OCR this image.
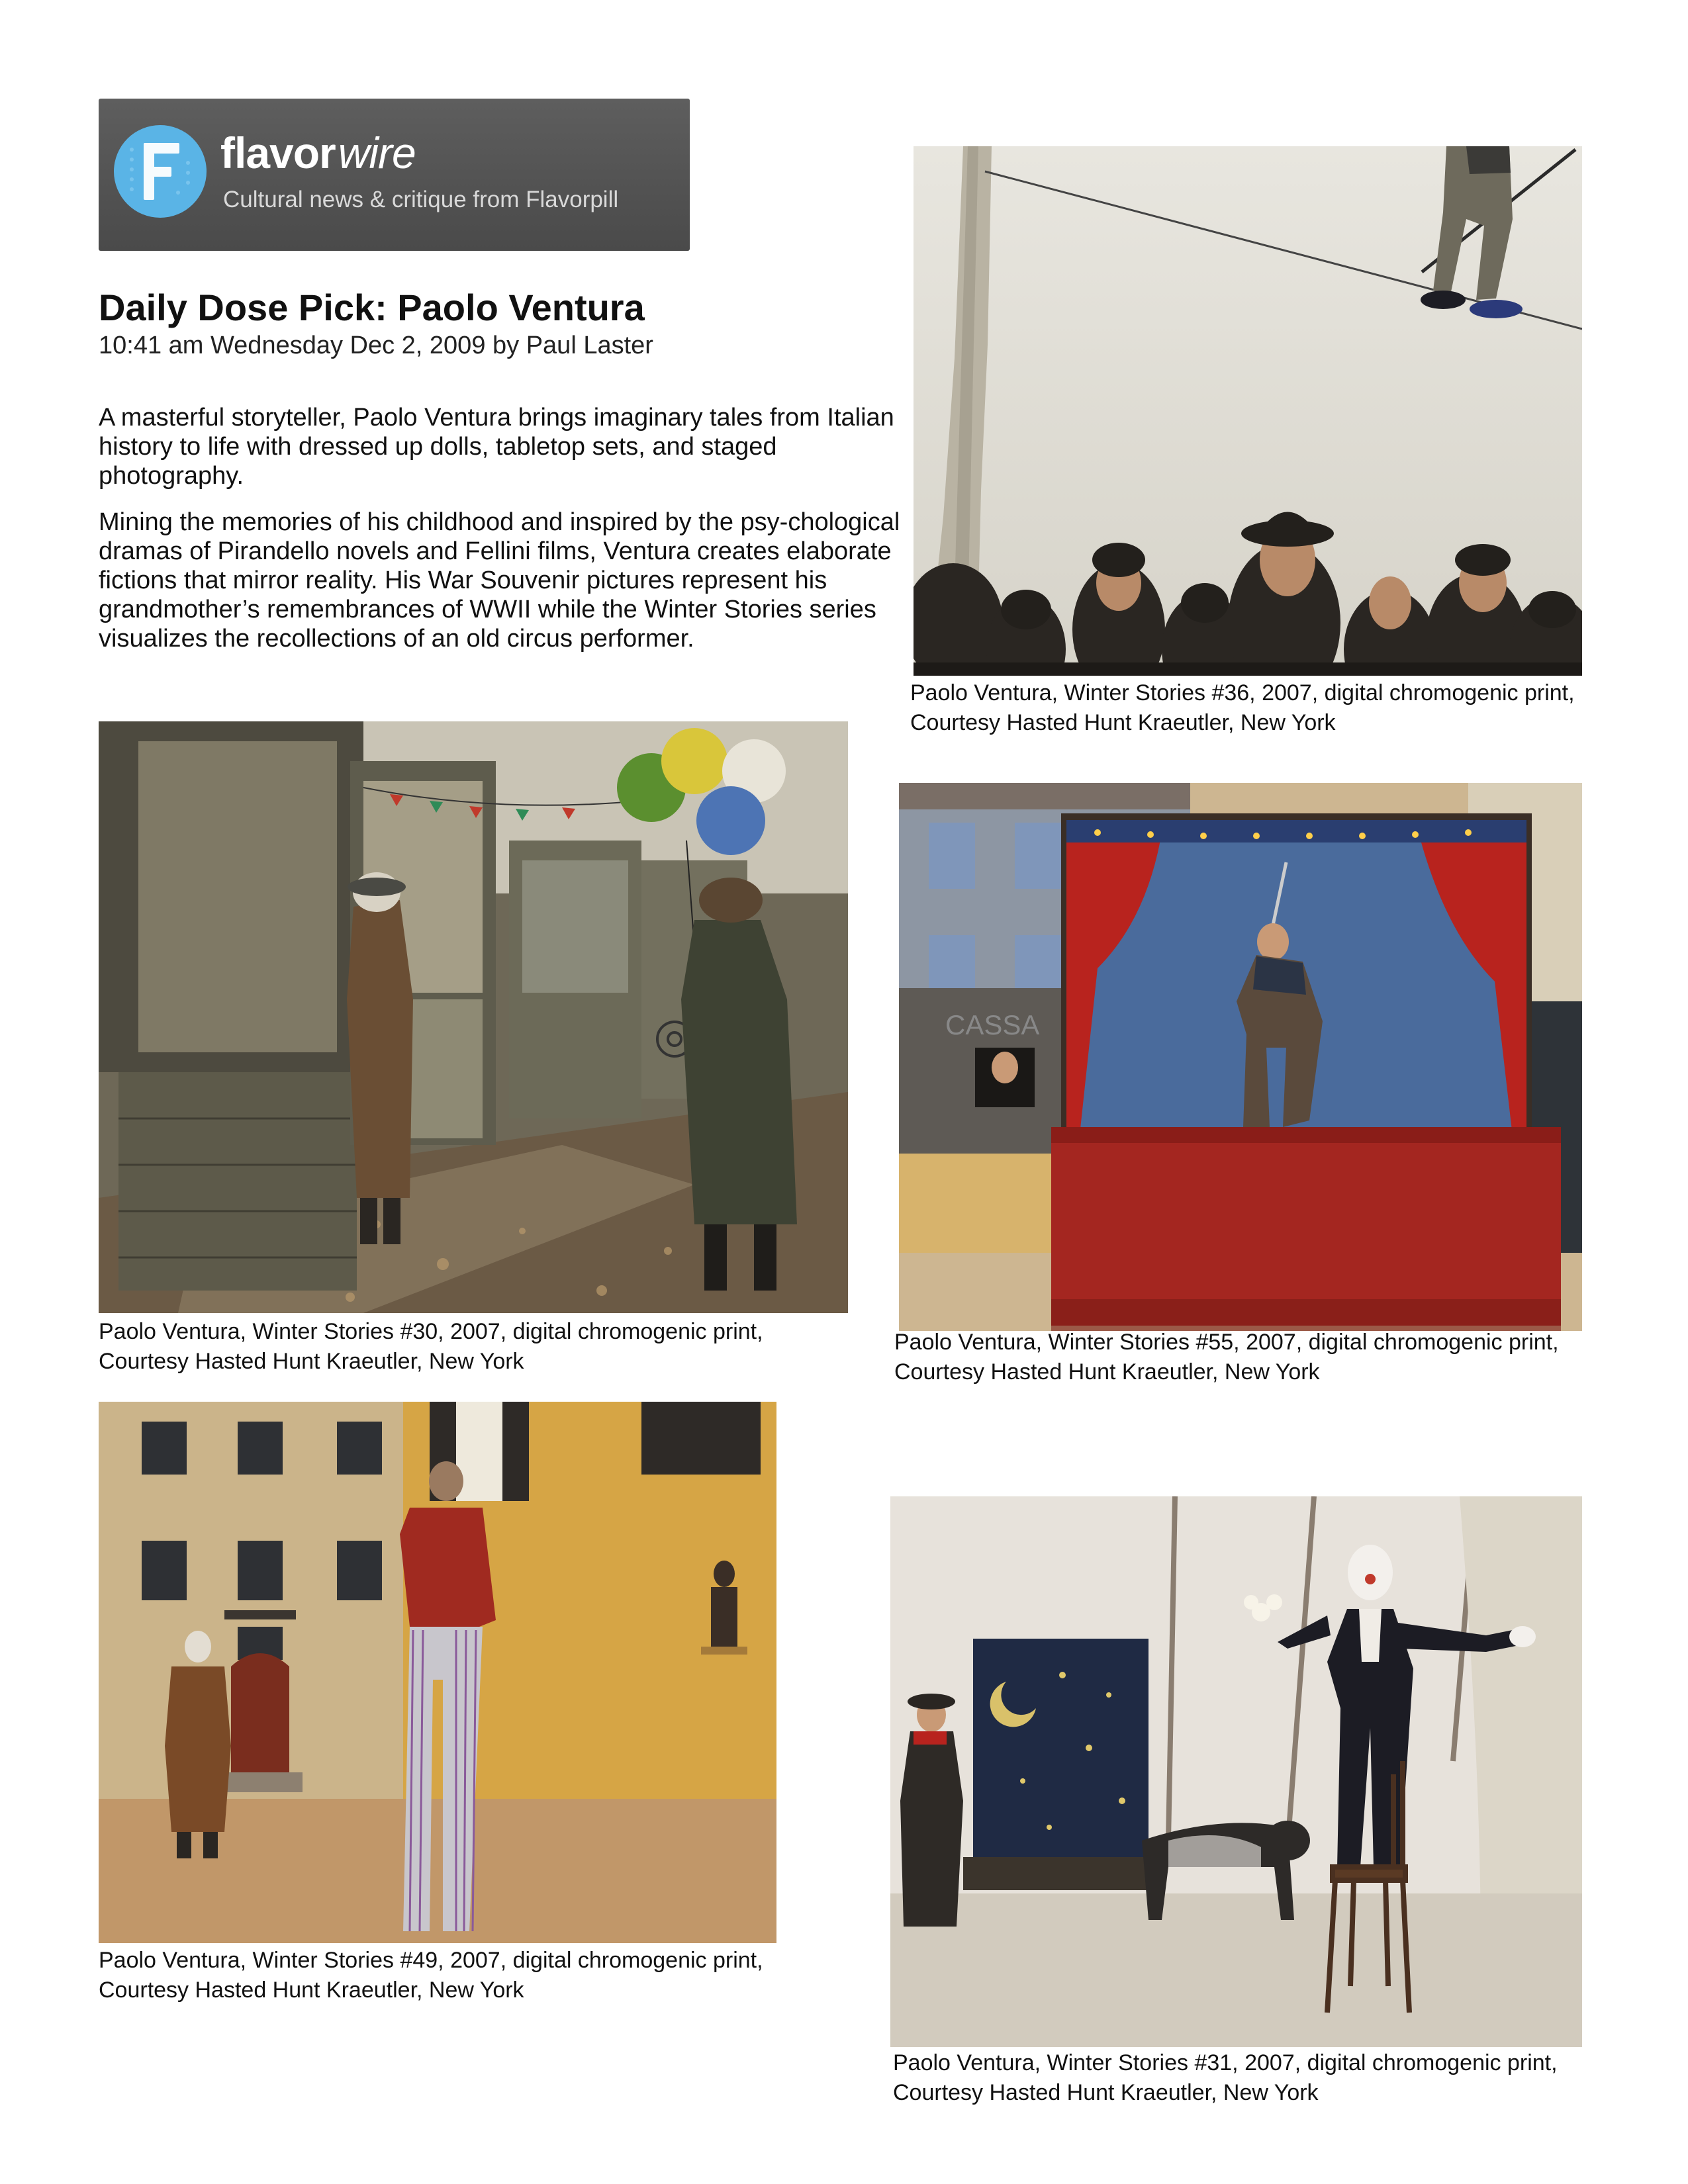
flavorwire
Cultural news & critique from Flavorpill
Daily Dose Pick: Paolo Ventura
10:41 am Wednesday Dec 2, 2009 by Paul Laster

A masterful storyteller, Paolo Ventura brings imaginary tales from Italian history to life with dressed up dolls, tabletop sets, and staged photography.

Mining the memories of his childhood and inspired by the psy-chological dramas of Pirandello novels and Fellini films, Ventura creates elaborate fictions that mirror reality. His War Souvenir pictures represent his grandmother’s remembrances of WWII while the Winter Stories series visualizes the recollections of an old circus performer.

Paolo Ventura, Winter Stories #36, 2007, digital chromogenic print, Courtesy Hasted Hunt Kraeutler, New York

Paolo Ventura, Winter Stories #30, 2007, digital chromogenic print, Courtesy Hasted Hunt Kraeutler, New York

CASSA

Paolo Ventura, Winter Stories #55, 2007, digital chromogenic print, Courtesy Hasted Hunt Kraeutler, New York

Paolo Ventura, Winter Stories #49, 2007, digital chromogenic print, Courtesy Hasted Hunt Kraeutler, New York

Paolo Ventura, Winter Stories #31, 2007, digital chromogenic print, Courtesy Hasted Hunt Kraeutler, New York
